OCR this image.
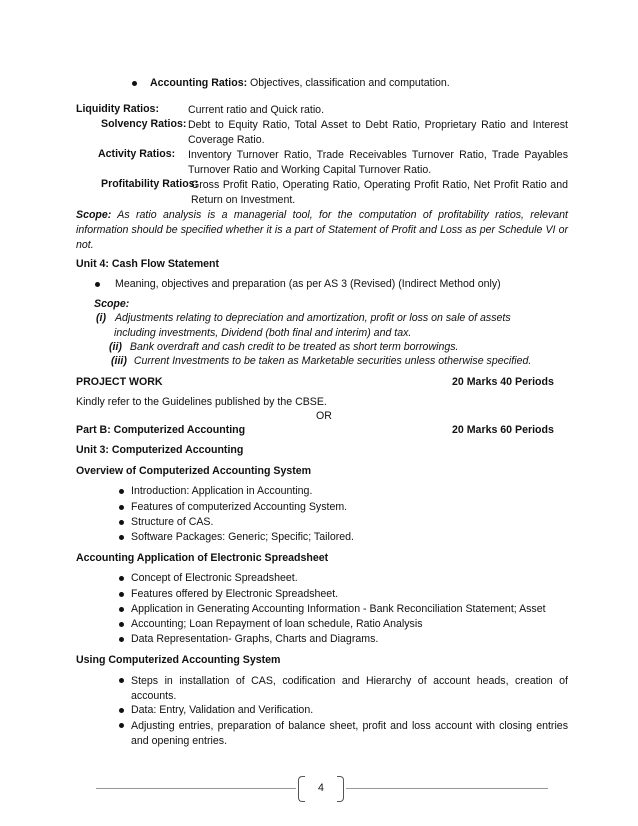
Accounting Ratios: Objectives, classification and computation.
Liquidity Ratios:	Current ratio and Quick ratio.
Solvency Ratios: Debt to Equity Ratio, Total Asset to Debt Ratio, Proprietary Ratio and Interest Coverage Ratio.
Activity Ratios: Inventory Turnover Ratio, Trade Receivables Turnover Ratio, Trade Payables Turnover Ratio and Working Capital Turnover Ratio.
Profitability Ratios:
Gross Profit Ratio, Operating Ratio, Operating Profit Ratio, Net Profit Ratio and Return on Investment.
Scope: As ratio analysis is a managerial tool, for the computation of profitability ratios, relevant information should be specified whether it is a part of Statement of Profit and Loss as per Schedule VI or not.
Unit 4: Cash Flow Statement
Meaning, objectives and preparation (as per AS 3 (Revised) (Indirect Method only)
Scope:
(i) Adjustments relating to depreciation and amortization, profit or loss on sale of assets
including investments, Dividend (both final and interim) and tax.
(ii) Bank overdraft and cash credit to be treated as short term borrowings.
(iii) Current Investments to be taken as Marketable securities unless otherwise specified.
PROJECT WORK	20 Marks 40 Periods
Kindly refer to the Guidelines published by the CBSE.
OR
Part B: Computerized Accounting	20 Marks 60 Periods
Unit 3: Computerized Accounting
Overview of Computerized Accounting System
Introduction: Application in Accounting.
Features of computerized Accounting System.
Structure of CAS.
Software Packages: Generic; Specific; Tailored.
Accounting Application of Electronic Spreadsheet
Concept of Electronic Spreadsheet.
Features offered by Electronic Spreadsheet.
Application in Generating Accounting Information - Bank Reconciliation Statement; Asset
Accounting; Loan Repayment of loan schedule, Ratio Analysis
Data Representation- Graphs, Charts and Diagrams.
Using Computerized Accounting System
Steps in installation of CAS, codification and Hierarchy of account heads, creation of accounts.
Data: Entry, Validation and Verification.
Adjusting entries, preparation of balance sheet, profit and loss account with closing entries and opening entries.
4
